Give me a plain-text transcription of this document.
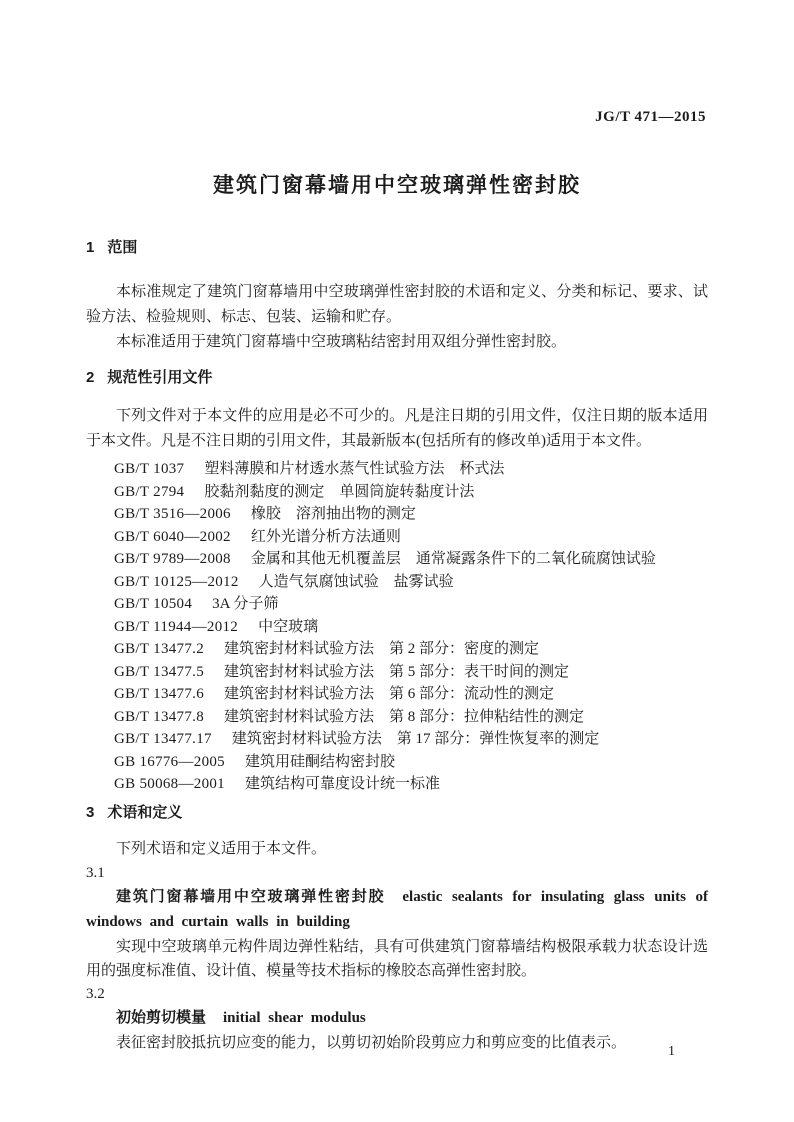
JG/T 471—2015
建筑门窗幕墙用中空玻璃弹性密封胶
1 范围

本标准规定了建筑门窗幕墙用中空玻璃弹性密封胶的术语和定义、分类和标记、要求、试验方法、检验规则、标志、包装、运输和贮存。

本标准适用于建筑门窗幕墙中空玻璃粘结密封用双组分弹性密封胶。

2 规范性引用文件

下列文件对于本文件的应用是必不可少的。凡是注日期的引用文件，仅注日期的版本适用于本文件。凡是不注日期的引用文件，其最新版本(包括所有的修改单)适用于本文件。

GB/T 1037 塑料薄膜和片材透水蒸气性试验方法　杯式法
GB/T 2794 胶黏剂黏度的测定　单圆筒旋转黏度计法
GB/T 3516—2006 橡胶　溶剂抽出物的测定
GB/T 6040—2002 红外光谱分析方法通则
GB/T 9789—2008 金属和其他无机覆盖层　通常凝露条件下的二氧化硫腐蚀试验
GB/T 10125—2012 人造气氛腐蚀试验　盐雾试验
GB/T 10504 3A 分子筛
GB/T 11944—2012 中空玻璃
GB/T 13477.2 建筑密封材料试验方法　第 2 部分：密度的测定
GB/T 13477.5 建筑密封材料试验方法　第 5 部分：表干时间的测定
GB/T 13477.6 建筑密封材料试验方法　第 6 部分：流动性的测定
GB/T 13477.8 建筑密封材料试验方法　第 8 部分：拉伸粘结性的测定
GB/T 13477.17 建筑密封材料试验方法　第 17 部分：弹性恢复率的测定
GB 16776—2005 建筑用硅酮结构密封胶
GB 50068—2001 建筑结构可靠度设计统一标准
3 术语和定义

下列术语和定义适用于本文件。

3.1

建筑门窗幕墙用中空玻璃弹性密封胶 elastic sealants for insulating glass units of windows and curtain walls in building

实现中空玻璃单元构件周边弹性粘结，具有可供建筑门窗幕墙结构极限承载力状态设计选用的强度标准值、设计值、模量等技术指标的橡胶态高弹性密封胶。

3.2

初始剪切模量 initial shear modulus

表征密封胶抵抗切应变的能力，以剪切初始阶段剪应力和剪应变的比值表示。

1
